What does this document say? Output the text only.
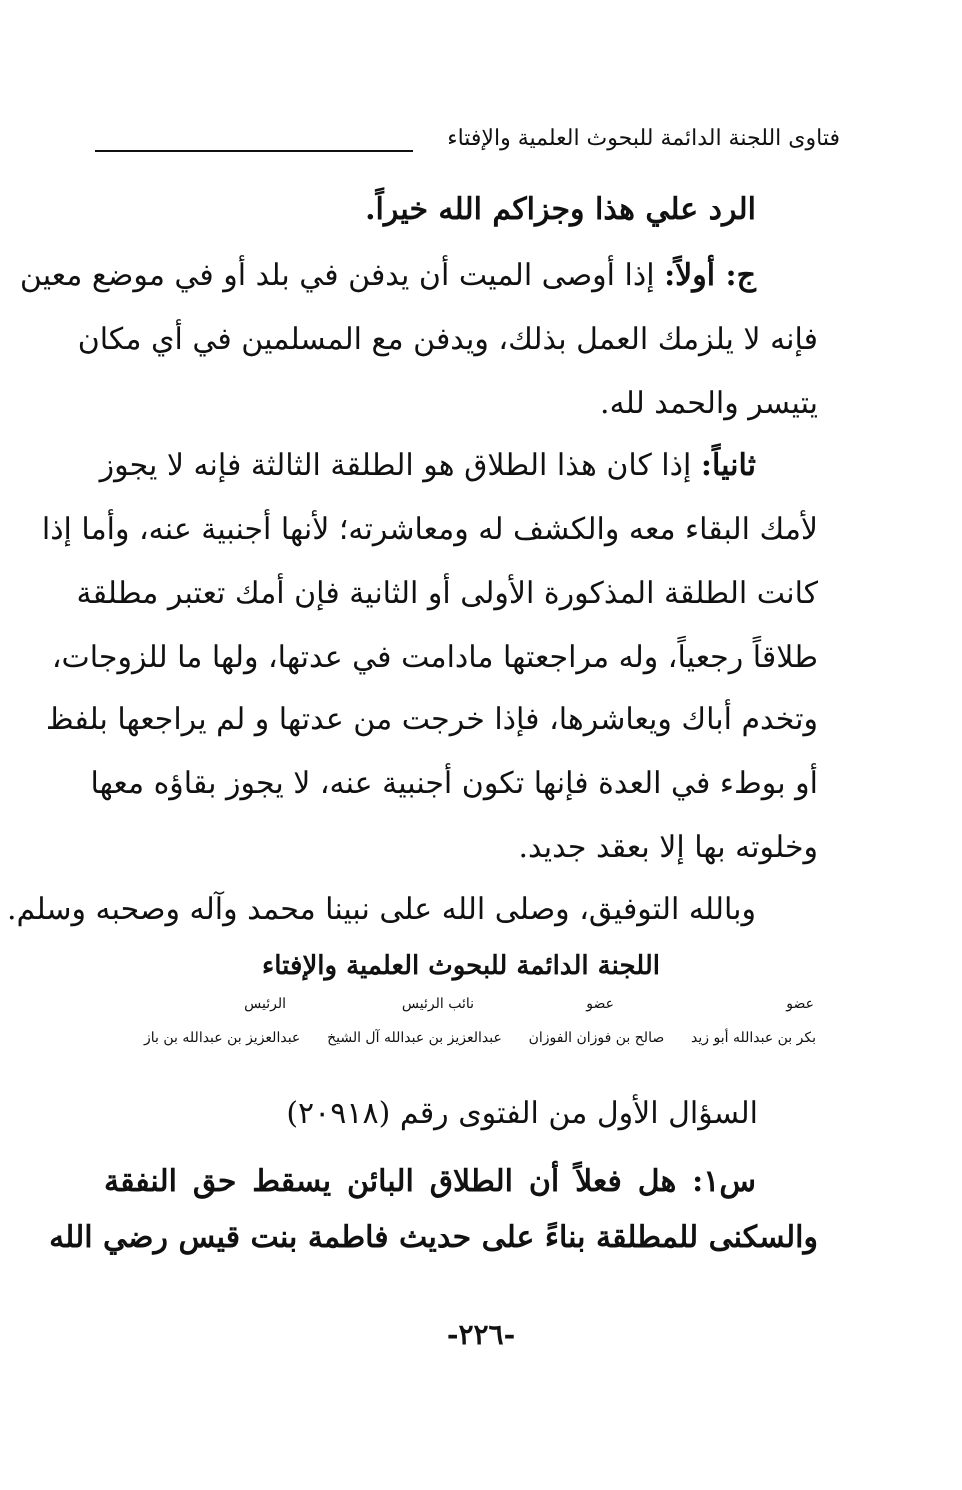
فتاوى اللجنة الدائمة للبحوث العلمية والإفتاء
الرد علي هذا وجزاكم الله خيراً.
ج: أولاً: إذا أوصى الميت أن يدفن في بلد أو في موضع معين
فإنه لا يلزمك العمل بذلك، ويدفن مع المسلمين في أي مكان
يتيسر والحمد لله.
ثانياً: إذا كان هذا الطلاق هو الطلقة الثالثة فإنه لا يجوز
لأمك البقاء معه والكشف له ومعاشرته؛ لأنها أجنبية عنه، وأما إذا
كانت الطلقة المذكورة الأولى أو الثانية فإن أمك تعتبر مطلقة
طلاقاً رجعياً، وله مراجعتها مادامت في عدتها، ولها ما للزوجات،
وتخدم أباك ويعاشرها، فإذا خرجت من عدتها و لم يراجعها بلفظ
أو بوطء في العدة فإنها تكون أجنبية عنه، لا يجوز بقاؤه معها
وخلوته بها إلا بعقد جديد.
وبالله التوفيق، وصلى الله على نبينا محمد وآله وصحبه وسلم.
اللجنة الدائمة للبحوث العلمية والإفتاء
عضو
عضو
نائب الرئيس
الرئيس
بكر بن عبدالله أبو زيد
صالح بن فوزان الفوزان
عبدالعزيز بن عبدالله آل الشيخ
عبدالعزيز بن عبدالله بن باز
السؤال الأول من الفتوى رقم (٢٠٩١٨)
س١: هل فعلاً أن الطلاق البائن يسقط حق النفقة
والسكنى للمطلقة بناءً على حديث فاطمة بنت قيس رضي الله
-٢٢٦-
